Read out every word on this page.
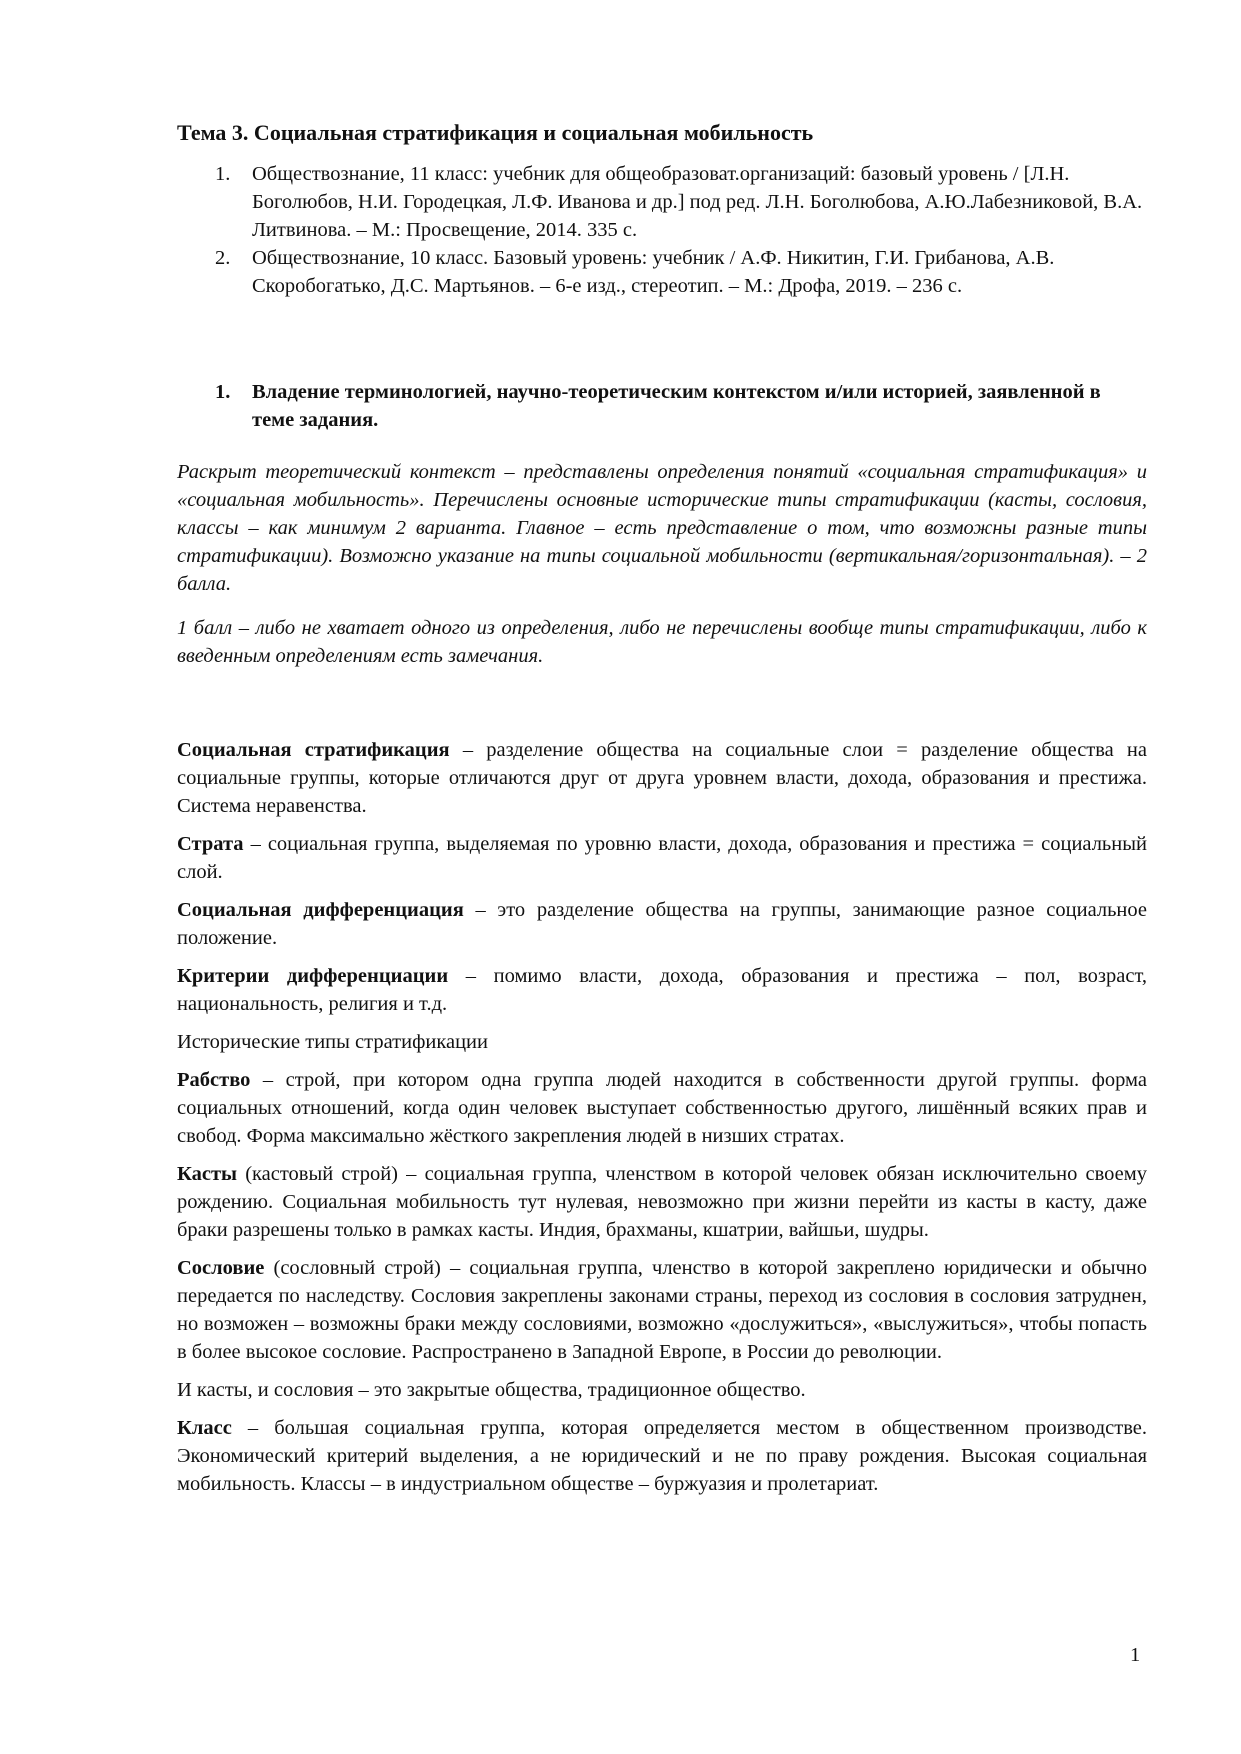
Тема 3. Социальная стратификация и социальная мобильность
1. Обществознание, 11 класс: учебник для общеобразоват.организаций: базовый уровень / [Л.Н. Боголюбов, Н.И. Городецкая, Л.Ф. Иванова и др.] под ред. Л.Н. Боголюбова, А.Ю.Лабезниковой, В.А. Литвинова. – М.: Просвещение, 2014. 335 с.
2. Обществознание, 10 класс. Базовый уровень: учебник / А.Ф. Никитин, Г.И. Грибанова, А.В. Скоробогатько, Д.С. Мартьянов. – 6-е изд., стереотип. – М.: Дрофа, 2019. – 236 с.
1. Владение терминологией, научно-теоретическим контекстом и/или историей, заявленной в теме задания.
Раскрыт теоретический контекст – представлены определения понятий «социальная стратификация» и «социальная мобильность». Перечислены основные исторические типы стратификации (касты, сословия, классы – как минимум 2 варианта. Главное – есть представление о том, что возможны разные типы стратификации). Возможно указание на типы социальной мобильности (вертикальная/горизонтальная). – 2 балла.
1 балл – либо не хватает одного из определения, либо не перечислены вообще типы стратификации, либо к введенным определениям есть замечания.

Социальная стратификация – разделение общества на социальные слои = разделение общества на социальные группы, которые отличаются друг от друга уровнем власти, дохода, образования и престижа. Система неравенства.

Страта – социальная группа, выделяемая по уровню власти, дохода, образования и престижа = социальный слой.

Социальная дифференциация – это разделение общества на группы, занимающие разное социальное положение.

Критерии дифференциации – помимо власти, дохода, образования и престижа – пол, возраст, национальность, религия и т.д.

Исторические типы стратификации

Рабство – строй, при котором одна группа людей находится в собственности другой группы. форма социальных отношений, когда один человек выступает собственностью другого, лишённый всяких прав и свобод. Форма максимально жёсткого закрепления людей в низших стратах.

Касты (кастовый строй) – социальная группа, членством в которой человек обязан исключительно своему рождению. Социальная мобильность тут нулевая, невозможно при жизни перейти из касты в касту, даже браки разрешены только в рамках касты. Индия, брахманы, кшатрии, вайшьи, шудры.

Сословие (сословный строй) – социальная группа, членство в которой закреплено юридически и обычно передается по наследству. Сословия закреплены законами страны, переход из сословия в сословия затруднен, но возможен – возможны браки между сословиями, возможно «дослужиться», «выслужиться», чтобы попасть в более высокое сословие. Распространено в Западной Европе, в России до революции.

И касты, и сословия – это закрытые общества, традиционное общество.

Класс – большая социальная группа, которая определяется местом в общественном производстве. Экономический критерий выделения, а не юридический и не по праву рождения. Высокая социальная мобильность. Классы – в индустриальном обществе – буржуазия и пролетариат.

1
